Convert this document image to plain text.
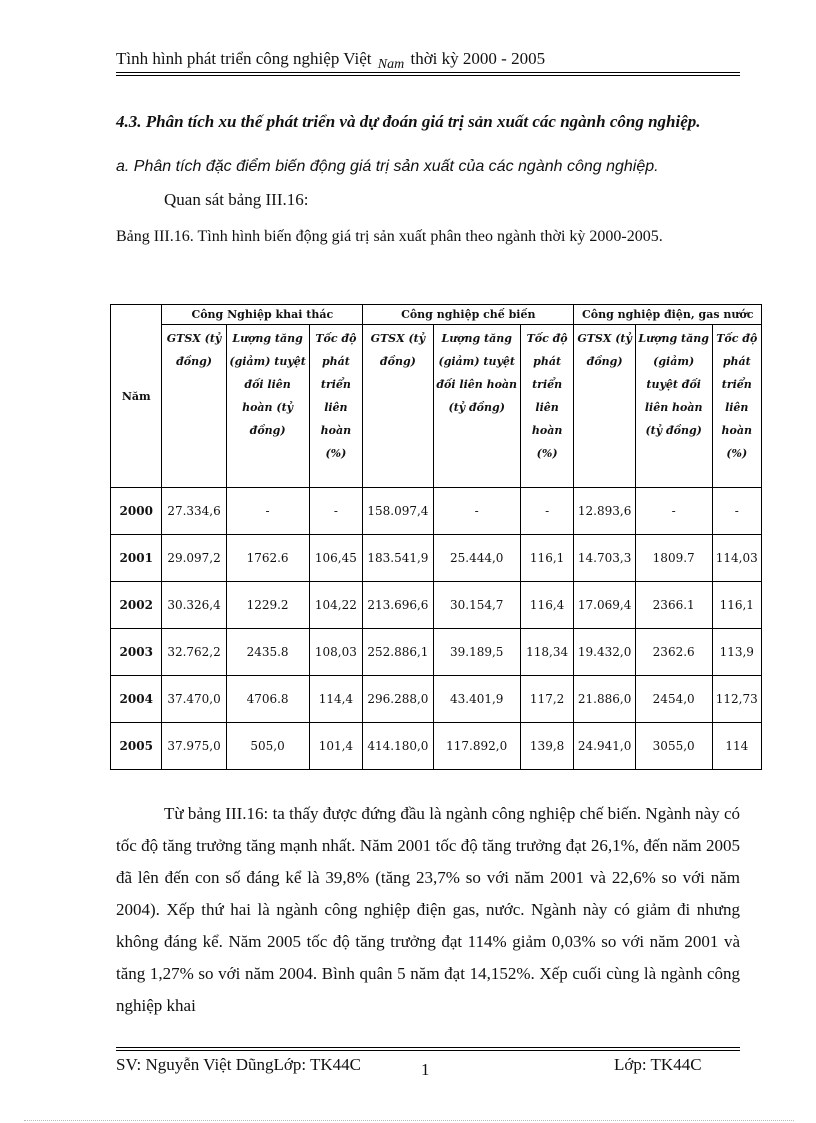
Tình hình phát triển công nghiệp Việt $_{Nam}$ thời kỳ 2000 - 2005
4.3. Phân tích xu thế phát triển và dự đoán giá trị sản xuất các ngành công nghiệp.
a. Phân tích đặc điểm biến động giá trị sản xuất của các ngành công nghiệp.
Quan sát bảng III.16:
Bảng III.16. Tình hình biến động giá trị sản xuất phân theo ngành thời kỳ 2000-2005.
Năm	Công Nghiệp khai thác			Công nghiệp chế biến			Công nghiệp điện, gas nước		
	GTSX (tỷ đồng)	Lượng tăng (giảm) tuyệt đối liên hoàn (tỷ đồng)	Tốc độ phát triển liên hoàn (%)	GTSX (tỷ đồng)	Lượng tăng (giảm) tuyệt đối liên hoàn (tỷ đồng)	Tốc độ phát triển liên hoàn (%)	GTSX (tỷ đồng)	Lượng tăng (giảm) tuyệt đối liên hoàn (tỷ đồng)	Tốc độ phát triển liên hoàn (%)
2000	27.334,6	-	-	158.097,4	-	-	12.893,6	-	-
2001	29.097,2	1762.6	106,45	183.541,9	25.444,0	116,1	14.703,3	1809.7	114,03
2002	30.326,4	1229.2	104,22	213.696,6	30.154,7	116,4	17.069,4	2366.1	116,1
2003	32.762,2	2435.8	108,03	252.886,1	39.189,5	118,34	19.432,0	2362.6	113,9
2004	37.470,0	4706.8	114,4	296.288,0	43.401,9	117,2	21.886,0	2454,0	112,73
2005	37.975,0	505,0	101,4	414.180,0	117.892,0	139,8	24.941,0	3055,0	114

Từ bảng III.16: ta thấy được đứng đầu là ngành công nghiệp chế biến. Ngành này có tốc độ tăng trưởng tăng mạnh nhất. Năm 2001 tốc độ tăng trưởng đạt 26,1%, đến năm 2005 đã lên đến con số đáng kể là 39,8% (tăng 23,7% so với năm 2001 và 22,6% so với năm 2004). Xếp thứ hai là ngành công nghiệp điện gas, nước. Ngành này có giảm đi nhưng không đáng kể. Năm 2005 tốc độ tăng trưởng đạt 114% giảm 0,03% so với năm 2001 và tăng 1,27% so với năm 2004. Bình quân 5 năm đạt 14,152%. Xếp cuối cùng là ngành công nghiệp khai

SV: Nguyễn Việt DũngLớp: TK44C	1	Lớp: TK44C
